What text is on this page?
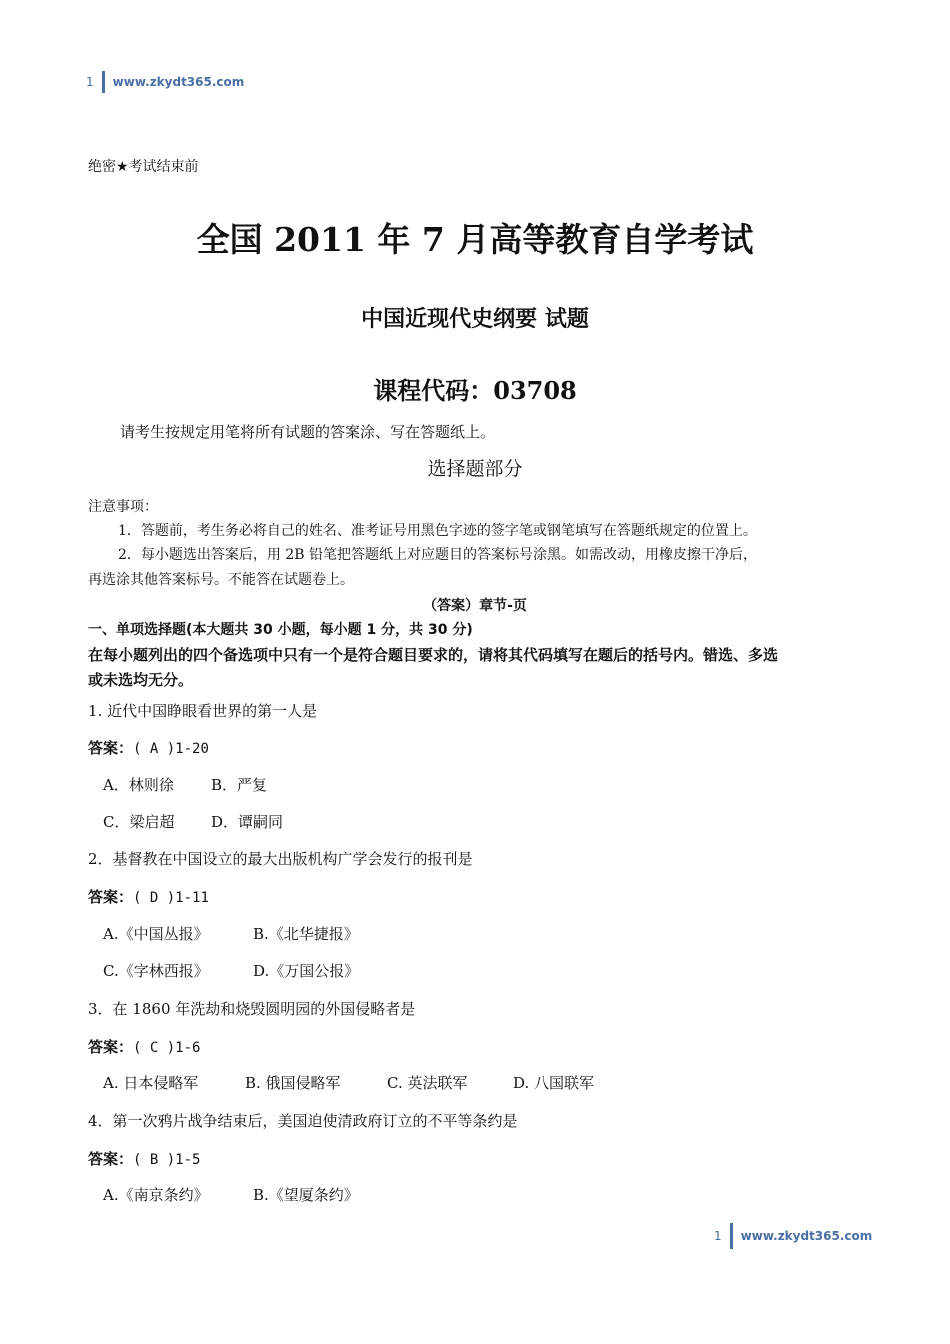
1 www.zkydt365.com
绝密★考试结束前
全国 2011 年 7 月高等教育自学考试
中国近现代史纲要 试题
课程代码：03708
请考生按规定用笔将所有试题的答案涂、写在答题纸上。
选择题部分
注意事项：
1．答题前，考生务必将自己的姓名、准考证号用黑色字迹的签字笔或钢笔填写在答题纸规定的位置上。
2．每小题选出答案后，用 2B 铅笔把答题纸上对应题目的答案标号涂黑。如需改动，用橡皮擦干净后，
再选涂其他答案标号。不能答在试题卷上。
（答案）章节-页
一、单项选择题(本大题共 30 小题，每小题 1 分，共 30 分)
在每小题列出的四个备选项中只有一个是符合题目要求的，请将其代码填写在题后的括号内。错选、多选
或未选均无分。
1. 近代中国睁眼看世界的第一人是
答案：( A )1-20
A．林则徐 B．严复
C．梁启超 D．谭嗣同
2．基督教在中国设立的最大出版机构广学会发行的报刊是
答案：( D )1-11
A.《中国丛报》	B.《北华捷报》
C.《字林西报》	D.《万国公报》
3．在 1860 年洗劫和烧毁圆明园的外国侵略者是
答案：( C )1-6
A. 日本侵略军	B. 俄国侵略军	C. 英法联军	D. 八国联军
4．第一次鸦片战争结束后，美国迫使清政府订立的不平等条约是
答案：( B )1-5
A.《南京条约》	B.《望厦条约》
1 www.zkydt365.com
